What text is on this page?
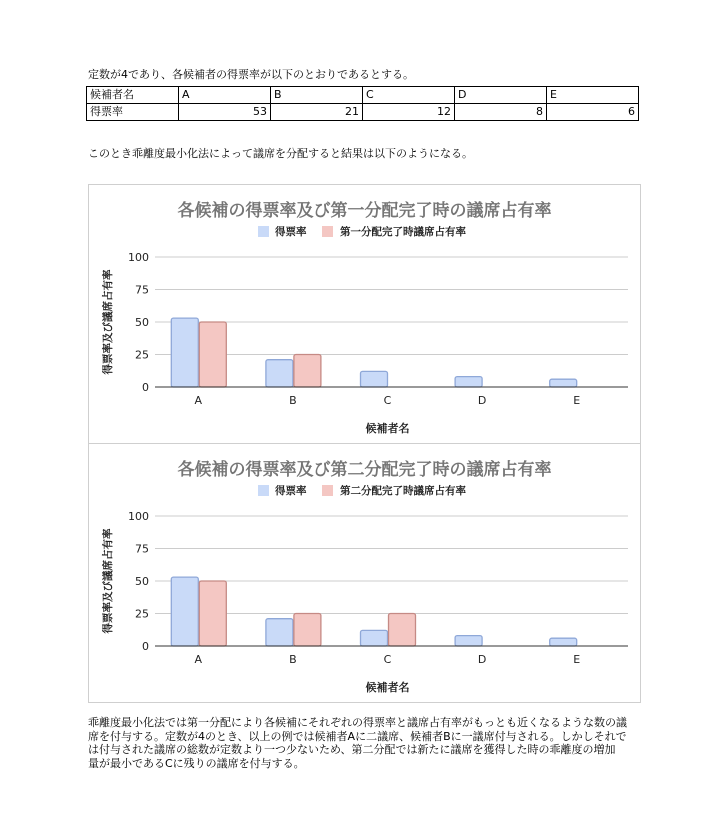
定数が4であり、各候補者の得票率が以下のとおりであるとする。
候補者名	A	B	C	D	E
得票率	53	21	12	8	6
このとき乖離度最小化法によって議席を分配すると結果は以下のようになる。
各候補の得票率及び第一分配完了時の議席占有率
得票率	第一分配完了時議席占有率
0
25
50
75
100
A	B	C	D	E
候補者名
得票率及び議席占有率
各候補の得票率及び第二分配完了時の議席占有率
得票率	第二分配完了時議席占有率
0
25
50
75
100
A	B	C	D	E
候補者名
得票率及び議席占有率
乖離度最小化法では第一分配により各候補にそれぞれの得票率と議席占有率がもっとも近くなるような数の議
席を付与する。定数が4のとき、以上の例では候補者Aに二議席、候補者Bに一議席付与される。しかしそれで
は付与された議席の総数が定数より一つ少ないため、第二分配では新たに議席を獲得した時の乖離度の増加
量が最小であるCに残りの議席を付与する。
